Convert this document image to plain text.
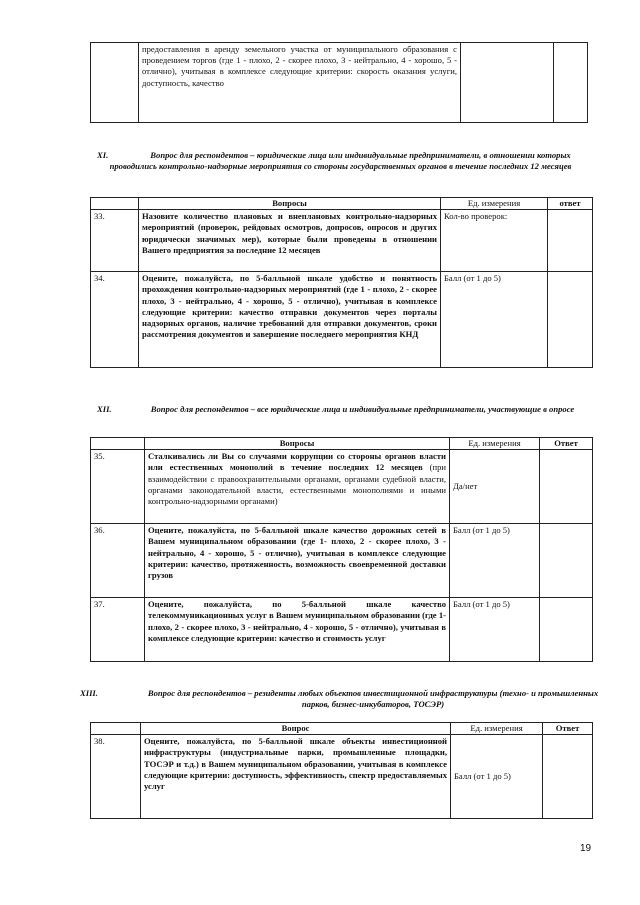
	предоставления в аренду земельного участка от муниципального образования с проведением торгов (где 1 - плохо, 2 - скорее плохо, 3 - нейтрально, 4 - хорошо, 5 - отлично), учитывая в комплексе следующие критерии: скорость оказания услуги, доступность, качество		
XI.	Вопрос для респондентов – юридические лица или индивидуальные предприниматели, в отношении которых проводились контрольно-надзорные мероприятия со стороны государственных органов в течение последних 12 месяцев
	Вопросы	Ед. измерения	ответ
33.	Назовите количество плановых и внеплановых контрольно-надзорных мероприятий (проверок, рейдовых осмотров, допросов, опросов и других юридически значимых мер), которые были проведены в отношении Вашего предприятия за последние 12 месяцев	Кол-во проверок:	
34.	Оцените, пожалуйста, по 5-балльной шкале удобство и понятность прохождения контрольно-надзорных мероприятий (где 1 - плохо, 2 - скорее плохо, 3 - нейтрально, 4 - хорошо, 5 - отлично), учитывая в комплексе следующие критерии: качество отправки документов через порталы надзорных органов, наличие требований для отправки документов, сроки рассмотрения документов и завершение последнего мероприятия КНД	Балл (от 1 до 5)	
XII.	Вопрос для респондентов – все юридические лица и индивидуальные предприниматели, участвующие в опросе
	Вопросы	Ед. измерения	Ответ
35.	Сталкивались ли Вы со случаями коррупции со стороны органов власти или естественных монополий в течение последних 12 месяцев (при взаимодействии с правоохранительными органами, органами судебной власти, органами законодательной власти, естественными монополиями и иными контрольно-надзорными органами)	Да/нет	
36.	Оцените, пожалуйста, по 5-балльной шкале качество дорожных сетей в Вашем муниципальном образовании (где 1- плохо, 2 - скорее плохо, 3 - нейтрально, 4 - хорошо, 5 - отлично), учитывая в комплексе следующие критерии: качество, протяженность, возможность своевременной доставки грузов	Балл (от 1 до 5)	
37.	Оцените, пожалуйста, по 5-балльной шкале качество телекоммуникационных услуг в Вашем муниципальном образовании (где 1- плохо, 2 - скорее плохо, 3 - нейтрально, 4 - хорошо, 5 - отлично), учитывая в комплексе следующие критерии: качество и стоимость услуг	Балл (от 1 до 5)	
XIII.	Вопрос для респондентов – резиденты любых объектов инвестиционной инфраструктуры (техно- и промышленных парков, бизнес-инкубаторов, ТОСЭР)
	Вопрос	Ед. измерения	Ответ
38.	Оцените, пожалуйста, по 5-балльной шкале объекты инвестиционной инфраструктуры (индустриальные парки, промышленные площадки, ТОСЭР и т.д.) в Вашем муниципальном образовании, учитывая в комплексе следующие критерии: доступность, эффективность, спектр предоставляемых услуг	Балл (от 1 до 5)	
19
